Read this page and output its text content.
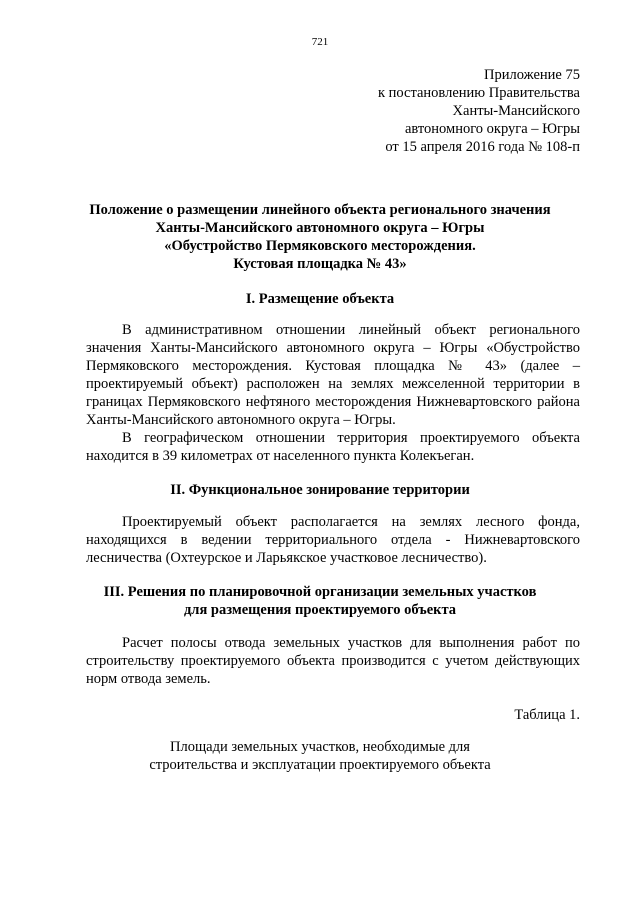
721
Приложение 75
к постановлению Правительства
Ханты-Мансийского
автономного округа – Югры
от 15 апреля 2016 года № 108-п
Положение о размещении линейного объекта регионального значения
Ханты-Мансийского автономного округа – Югры
«Обустройство Пермяковского месторождения.
Кустовая площадка № 43»
I. Размещение объекта
В административном отношении линейный объект регионального значения Ханты-Мансийского автономного округа – Югры «Обустройство Пермяковского месторождения. Кустовая площадка № 43» (далее – проектируемый объект) расположен на землях межселенной территории в границах Пермяковского нефтяного месторождения Нижневартовского района Ханты-Мансийского автономного округа – Югры.
В географическом отношении территория проектируемого объекта находится в 39 километрах от населенного пункта Колекъеган.
II. Функциональное зонирование территории
Проектируемый объект располагается на землях лесного фонда, находящихся в ведении территориального отдела - Нижневартовского лесничества (Охтеурское и Ларьякское участковое лесничество).
III. Решения по планировочной организации земельных участков
для размещения проектируемого объекта
Расчет полосы отвода земельных участков для выполнения работ по строительству проектируемого объекта производится с учетом действующих норм отвода земель.
Таблица 1.
Площади земельных участков, необходимые для
строительства и эксплуатации проектируемого объекта
